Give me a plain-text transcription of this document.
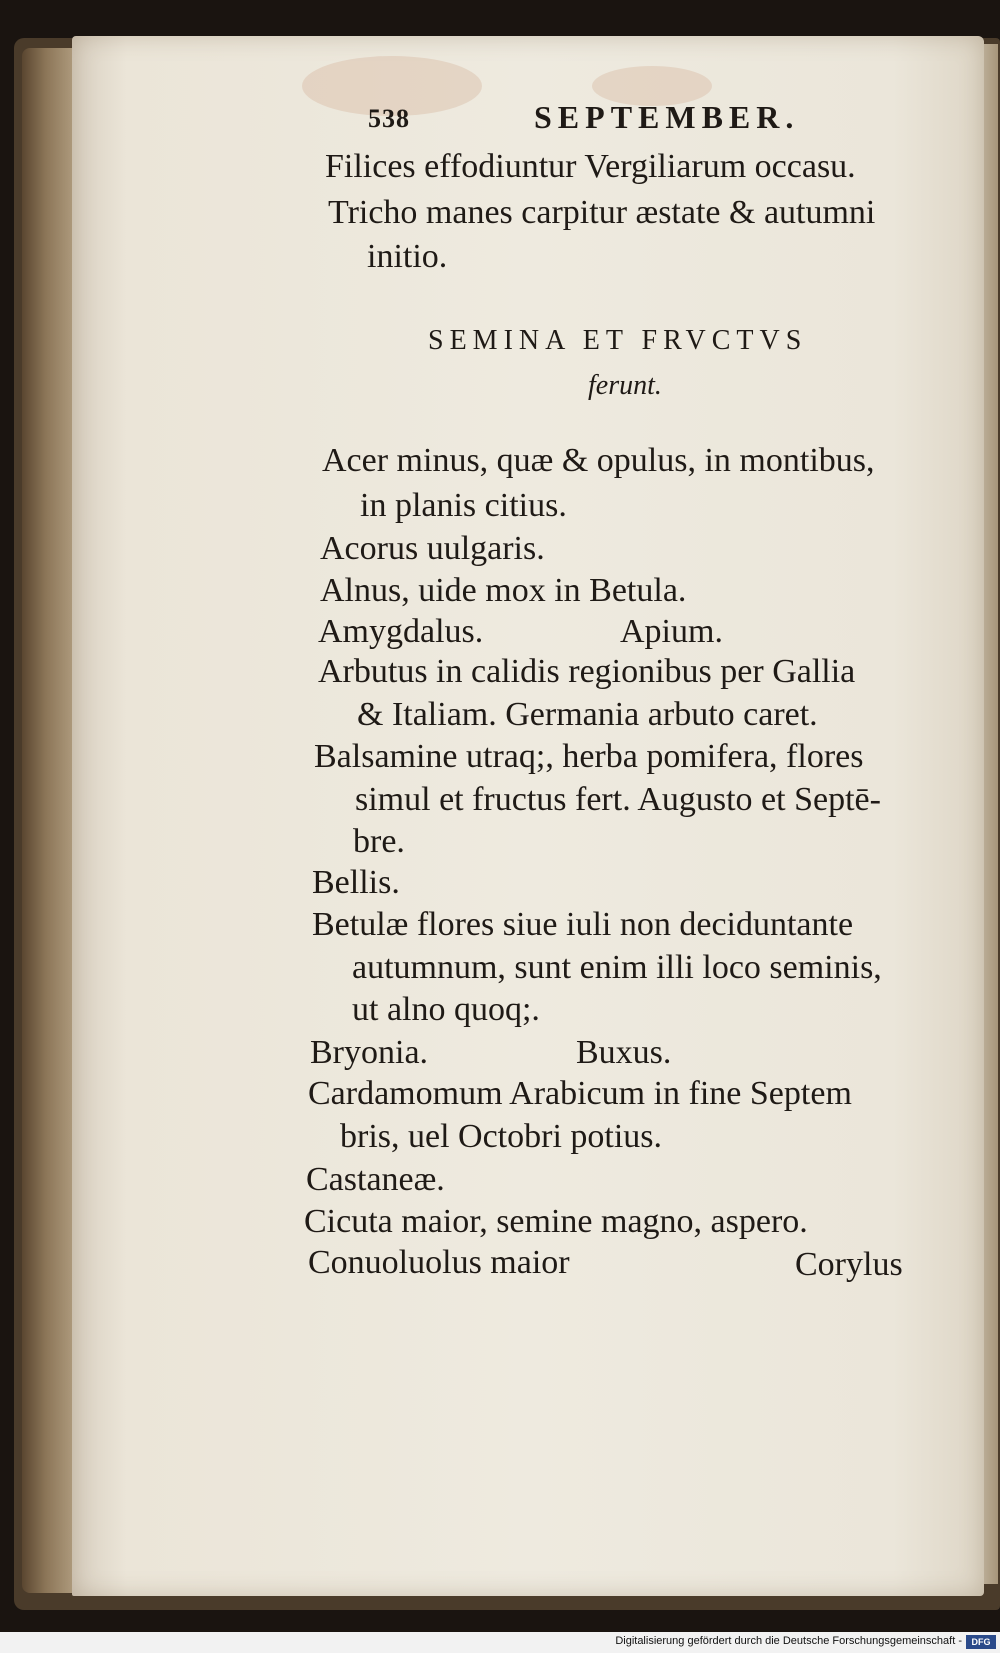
538	SEPTEMBER.
Filices effodiuntur Vergiliarum occasu.
Tricho manes carpitur æstate & autumni
initio.
SEMINA ET FRVCTVS
ferunt.
Acer minus, quæ & opulus, in montibus,
in planis citius.
Acorus uulgaris.
Alnus, uide mox in Betula.
Amygdalus.	Apium.
Arbutus in calidis regionibus per Gallia
& Italiam. Germania arbuto caret.
Balsamine utraq;, herba pomifera, flores
simul et fructus fert. Augusto et Septē-
bre.
Bellis.
Betulæ flores siue iuli non deciduntante
autumnum, sunt enim illi loco seminis,
ut alno quoq;.
Bryonia.	Buxus.
Cardamomum Arabicum in fine Septem
bris, uel Octobri potius.
Castaneæ.
Cicuta maior, semine magno, aspero.
Conuoluolus maior	Corylus
Digitalisierung gefördert durch die Deutsche Forschungsgemeinschaft -	DFG
